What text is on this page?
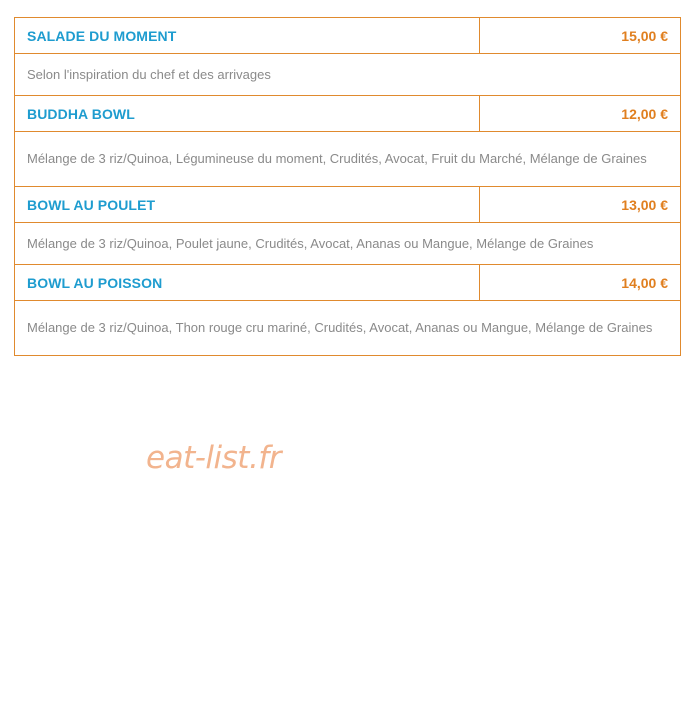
SALADE DU MOMENT	15,00 €
Selon l'inspiration du chef et des arrivages	
BUDDHA BOWL	12,00 €
Mélange de 3 riz/Quinoa, Légumineuse du moment, Crudités, Avocat, Fruit du Marché, Mélange de Graines	
BOWL AU POULET	13,00 €
Mélange de 3 riz/Quinoa, Poulet jaune, Crudités, Avocat, Ananas ou Mangue, Mélange de Graines	
BOWL AU POISSON	14,00 €
Mélange de 3 riz/Quinoa, Thon rouge cru mariné, Crudités, Avocat, Ananas ou Mangue, Mélange de Graines	
eat-list.fr
